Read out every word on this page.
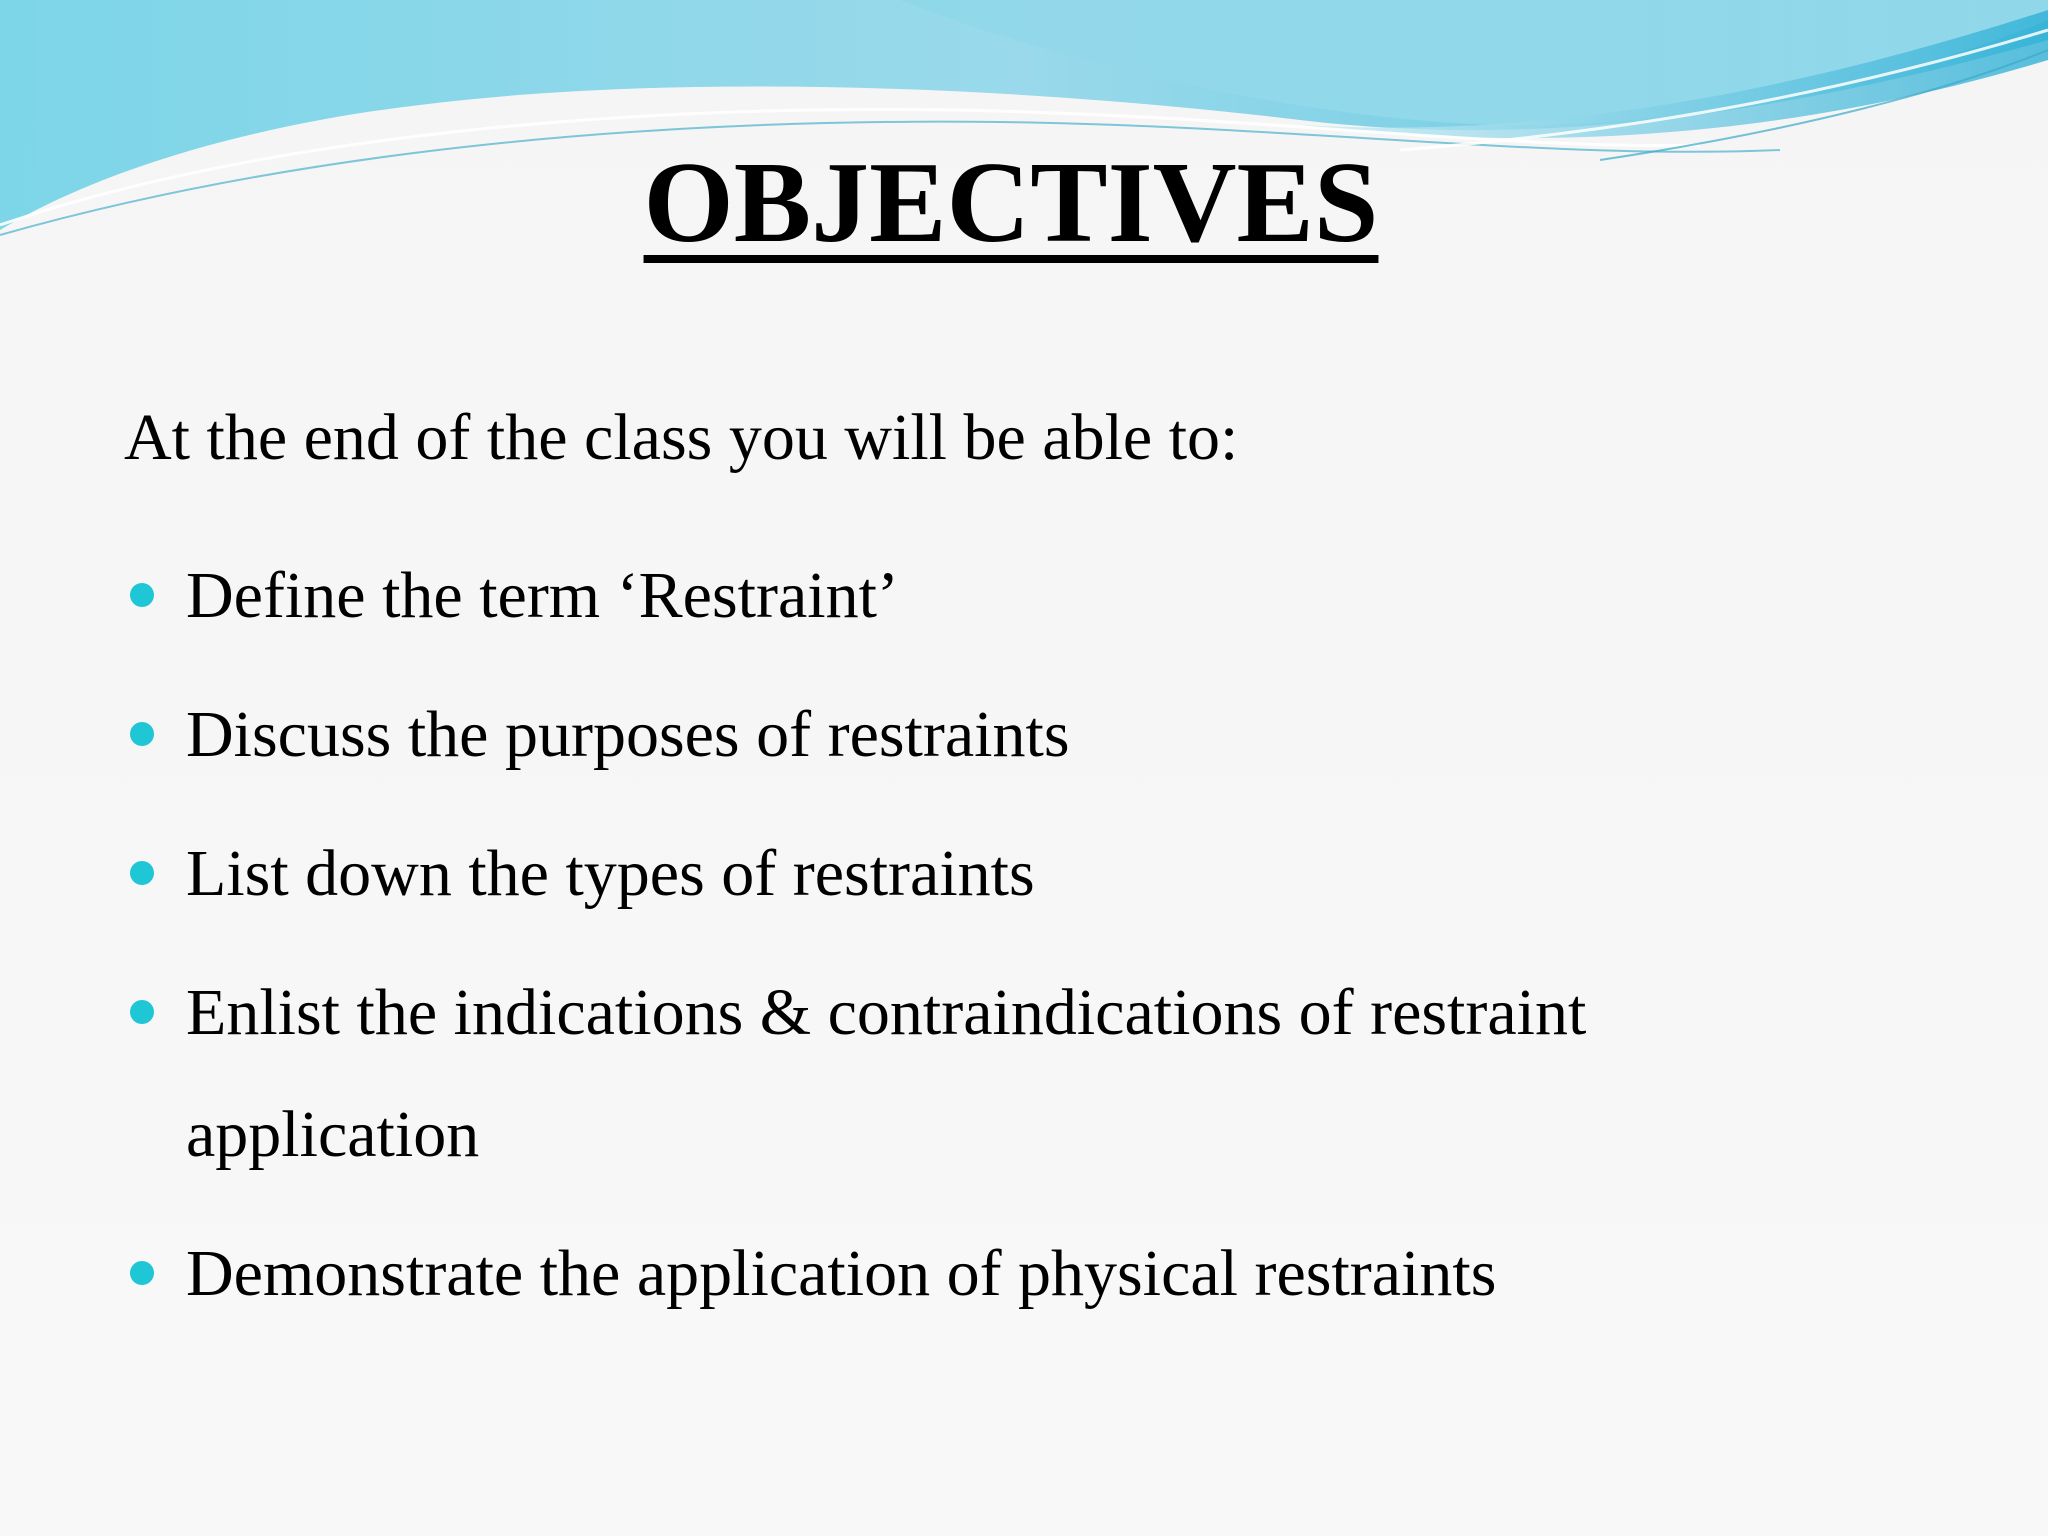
OBJECTIVES
At the end of the class you will be able to:
Define the term ‘Restraint’
Discuss the purposes of restraints
List down the types of restraints
Enlist the indications & contraindications of restraint application
Demonstrate the application of physical restraints
